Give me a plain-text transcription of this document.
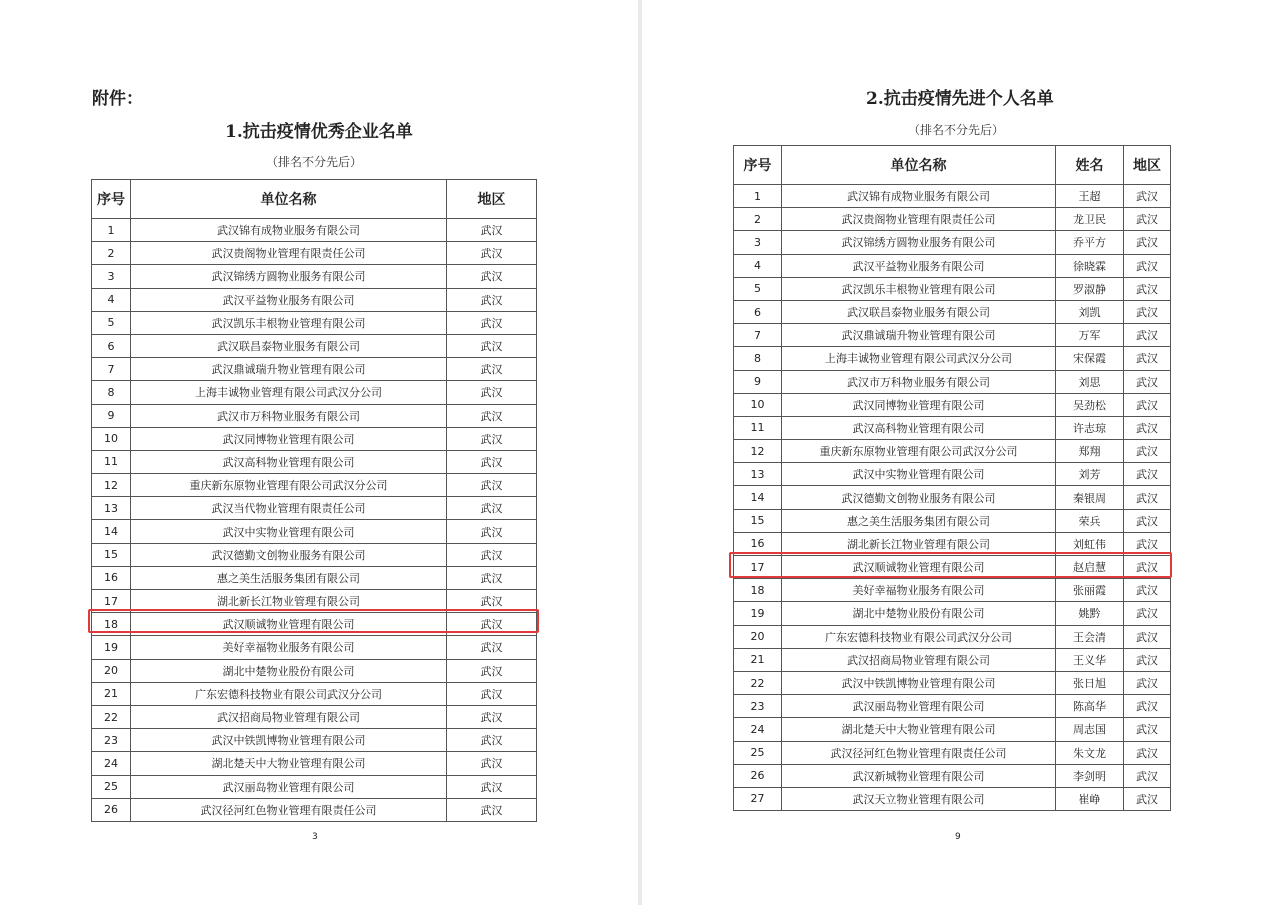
附件：
1.抗击疫情优秀企业名单
（排名不分先后）
序号	单位名称	地区
1	武汉锦有成物业服务有限公司	武汉
2	武汉贵阁物业管理有限责任公司	武汉
3	武汉锦绣方圆物业服务有限公司	武汉
4	武汉平益物业服务有限公司	武汉
5	武汉凯乐丰根物业管理有限公司	武汉
6	武汉联昌泰物业服务有限公司	武汉
7	武汉鼎诚瑞升物业管理有限公司	武汉
8	上海丰诚物业管理有限公司武汉分公司	武汉
9	武汉市万科物业服务有限公司	武汉
10	武汉同博物业管理有限公司	武汉
11	武汉高科物业管理有限公司	武汉
12	重庆新东原物业管理有限公司武汉分公司	武汉
13	武汉当代物业管理有限责任公司	武汉
14	武汉中实物业管理有限公司	武汉
15	武汉德勤文创物业服务有限公司	武汉
16	惠之美生活服务集团有限公司	武汉
17	湖北新长江物业管理有限公司	武汉
18	武汉顺诚物业管理有限公司	武汉
19	美好幸福物业服务有限公司	武汉
20	湖北中楚物业股份有限公司	武汉
21	广东宏德科技物业有限公司武汉分公司	武汉
22	武汉招商局物业管理有限公司	武汉
23	武汉中铁凯博物业管理有限公司	武汉
24	湖北楚天中大物业管理有限公司	武汉
25	武汉丽岛物业管理有限公司	武汉
26	武汉径河红色物业管理有限责任公司	武汉
3
2.抗击疫情先进个人名单
（排名不分先后）
序号	单位名称	姓名	地区
1	武汉锦有成物业服务有限公司	王超	武汉
2	武汉贵阁物业管理有限责任公司	龙卫民	武汉
3	武汉锦绣方圆物业服务有限公司	乔平方	武汉
4	武汉平益物业服务有限公司	徐晓霖	武汉
5	武汉凯乐丰根物业管理有限公司	罗淑静	武汉
6	武汉联昌泰物业服务有限公司	刘凯	武汉
7	武汉鼎诚瑞升物业管理有限公司	万军	武汉
8	上海丰诚物业管理有限公司武汉分公司	宋保霞	武汉
9	武汉市万科物业服务有限公司	刘思	武汉
10	武汉同博物业管理有限公司	吴劲松	武汉
11	武汉高科物业管理有限公司	许志琼	武汉
12	重庆新东原物业管理有限公司武汉分公司	郑翔	武汉
13	武汉中实物业管理有限公司	刘芳	武汉
14	武汉德勤文创物业服务有限公司	秦银周	武汉
15	惠之美生活服务集团有限公司	荣兵	武汉
16	湖北新长江物业管理有限公司	刘虹伟	武汉
17	武汉顺诚物业管理有限公司	赵启慧	武汉
18	美好幸福物业服务有限公司	张丽霞	武汉
19	湖北中楚物业股份有限公司	姚黔	武汉
20	广东宏德科技物业有限公司武汉分公司	王会清	武汉
21	武汉招商局物业管理有限公司	王义华	武汉
22	武汉中铁凯博物业管理有限公司	张日旭	武汉
23	武汉丽岛物业管理有限公司	陈高华	武汉
24	湖北楚天中大物业管理有限公司	周志国	武汉
25	武汉径河红色物业管理有限责任公司	朱文龙	武汉
26	武汉新城物业管理有限公司	李剑明	武汉
27	武汉天立物业管理有限公司	崔峥	武汉
9
